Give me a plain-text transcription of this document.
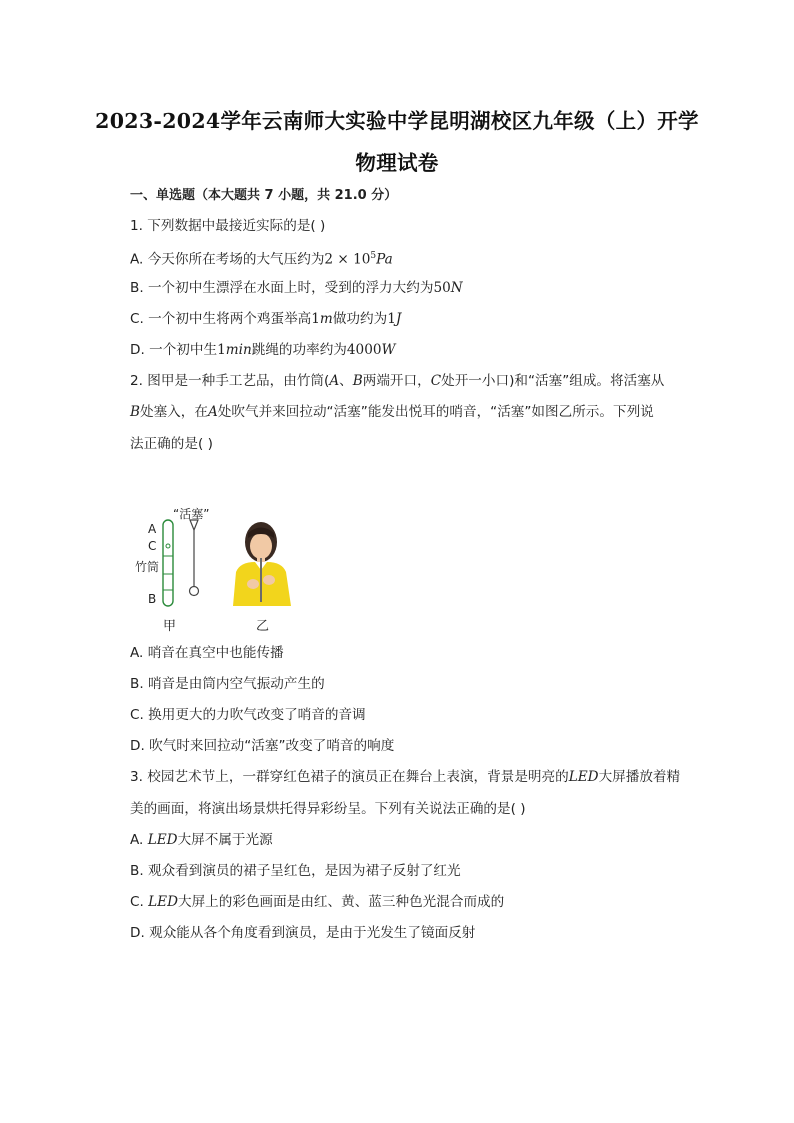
2023-2024学年云南师大实验中学昆明湖校区九年级（上）开学
物理试卷
一、单选题（本大题共 7 小题，共 21.0 分）
1. 下列数据中最接近实际的是( )
A. 今天你所在考场的大气压约为$2 \times 10^5Pa$
B. 一个初中生漂浮在水面上时，受到的浮力大约为50N
C. 一个初中生将两个鸡蛋举高1m做功约为1J
D. 一个初中生1min跳绳的功率约为4000W
2. 图甲是一种手工艺品，由竹筒(A、B两端开口，C处开一小口)和“活塞”组成。将活塞从
B处塞入，在A处吹气并来回拉动“活塞”能发出悦耳的哨音，“活塞”如图乙所示。下列说
法正确的是( )
A
C
竹筒
B
“活塞”
甲	乙
A. 哨音在真空中也能传播
B. 哨音是由筒内空气振动产生的
C. 换用更大的力吹气改变了哨音的音调
D. 吹气时来回拉动“活塞”改变了哨音的响度
3. 校园艺术节上，一群穿红色裙子的演员正在舞台上表演，背景是明亮的LED大屏播放着精
美的画面，将演出场景烘托得异彩纷呈。下列有关说法正确的是( )
A. LED大屏不属于光源
B. 观众看到演员的裙子呈红色，是因为裙子反射了红光
C. LED大屏上的彩色画面是由红、黄、蓝三种色光混合而成的
D. 观众能从各个角度看到演员，是由于光发生了镜面反射
